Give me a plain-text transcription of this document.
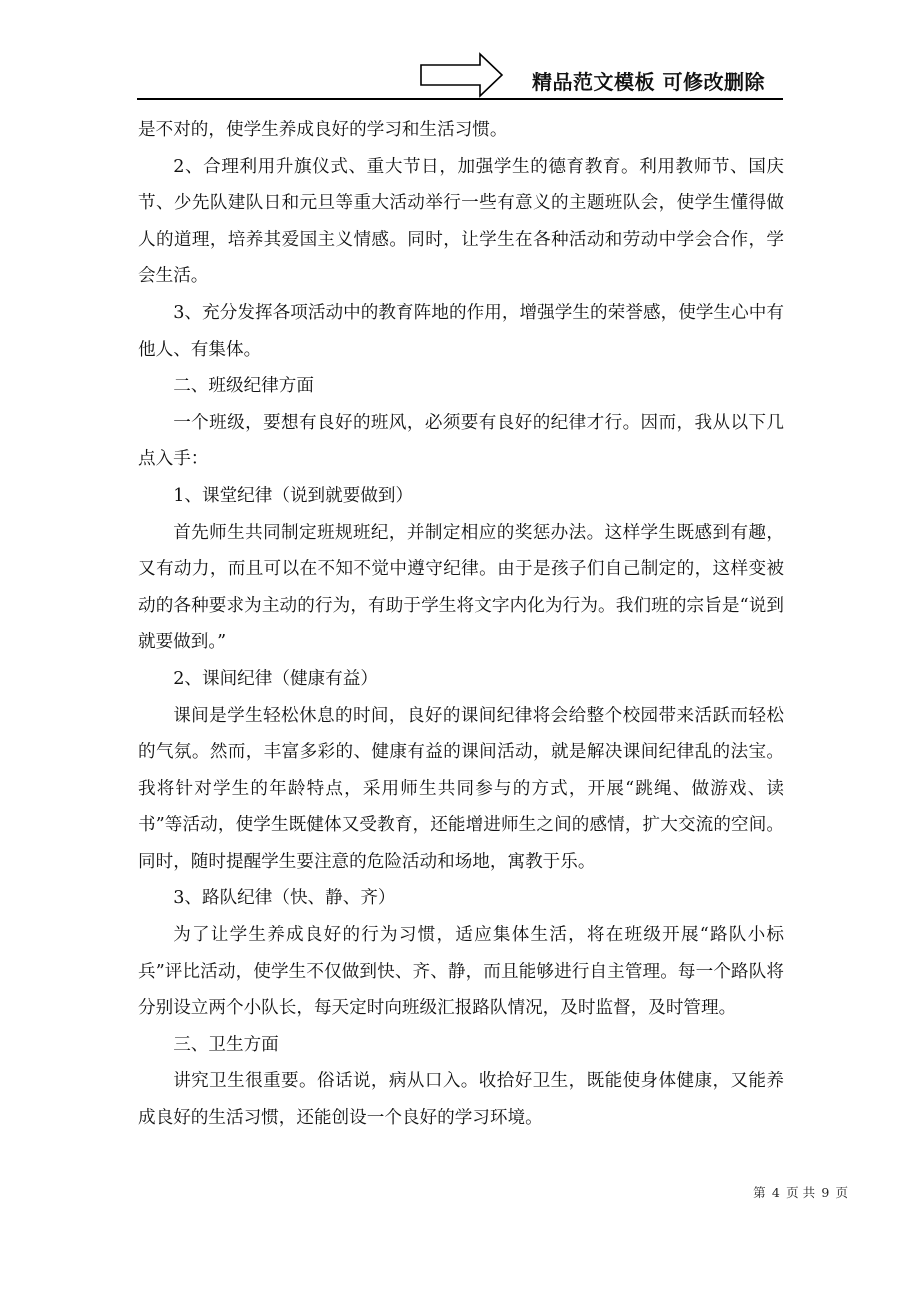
精品范文模板 可修改删除

是不对的，使学生养成良好的学习和生活习惯。

2、合理利用升旗仪式、重大节日，加强学生的德育教育。利用教师节、国庆节、少先队建队日和元旦等重大活动举行一些有意义的主题班队会，使学生懂得做人的道理，培养其爱国主义情感。同时，让学生在各种活动和劳动中学会合作，学会生活。

3、充分发挥各项活动中的教育阵地的作用，增强学生的荣誉感，使学生心中有他人、有集体。

二、班级纪律方面

一个班级，要想有良好的班风，必须要有良好的纪律才行。因而，我从以下几点入手：

1、课堂纪律（说到就要做到）

首先师生共同制定班规班纪，并制定相应的奖惩办法。这样学生既感到有趣，又有动力，而且可以在不知不觉中遵守纪律。由于是孩子们自己制定的，这样变被动的各种要求为主动的行为，有助于学生将文字内化为行为。我们班的宗旨是“说到就要做到。”

2、课间纪律（健康有益）

课间是学生轻松休息的时间，良好的课间纪律将会给整个校园带来活跃而轻松的气氛。然而，丰富多彩的、健康有益的课间活动，就是解决课间纪律乱的法宝。我将针对学生的年龄特点，采用师生共同参与的方式，开展“跳绳、做游戏、读书”等活动，使学生既健体又受教育，还能增进师生之间的感情，扩大交流的空间。同时，随时提醒学生要注意的危险活动和场地，寓教于乐。

3、路队纪律（快、静、齐）

为了让学生养成良好的行为习惯，适应集体生活，将在班级开展“路队小标兵”评比活动，使学生不仅做到快、齐、静，而且能够进行自主管理。每一个路队将分别设立两个小队长，每天定时向班级汇报路队情况，及时监督，及时管理。

三、卫生方面

讲究卫生很重要。俗话说，病从口入。收拾好卫生，既能使身体健康，又能养成良好的生活习惯，还能创设一个良好的学习环境。

第 4 页 共 9 页
